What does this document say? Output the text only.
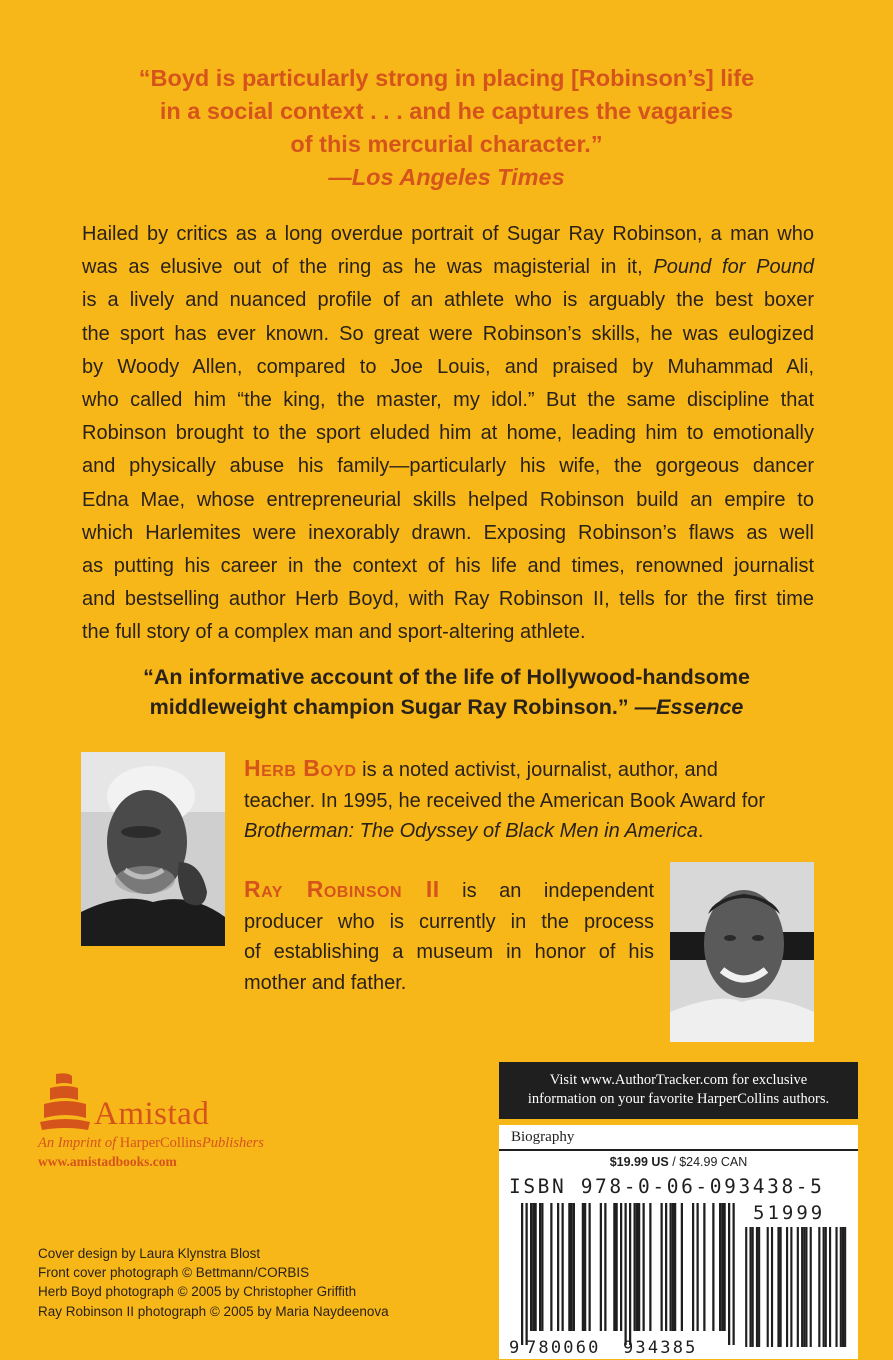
“Boyd is particularly strong in placing [Robinson’s] life
in a social context . . . and he captures the vagaries
of this mercurial character.”
—Los Angeles Times
Hailed by critics as a long overdue portrait of Sugar Ray Robinson, a man who
was as elusive out of the ring as he was magisterial in it, Pound for Pound
is a lively and nuanced profile of an athlete who is arguably the best boxer
the sport has ever known. So great were Robinson’s skills, he was eulogized
by Woody Allen, compared to Joe Louis, and praised by Muhammad Ali,
who called him “the king, the master, my idol.” But the same discipline that
Robinson brought to the sport eluded him at home, leading him to emotionally
and physically abuse his family—particularly his wife, the gorgeous dancer
Edna Mae, whose entrepreneurial skills helped Robinson build an empire to
which Harlemites were inexorably drawn. Exposing Robinson’s flaws as well
as putting his career in the context of his life and times, renowned journalist
and bestselling author Herb Boyd, with Ray Robinson II, tells for the first time
the full story of a complex man and sport-altering athlete.
“An informative account of the life of Hollywood-handsome
middleweight champion Sugar Ray Robinson.” —Essence
Herb Boyd is a noted activist, journalist, author, and
teacher. In 1995, he received the American Book Award for
Brotherman: The Odyssey of Black Men in America.
Ray Robinson II is an independent
producer who is currently in the process
of establishing a museum in honor of his
mother and father.
Amistad
An Imprint of HarperCollinsPublishers
www.amistadbooks.com
Cover design by Laura Klynstra Blost
Front cover photograph © Bettmann/CORBIS
Herb Boyd photograph © 2005 by Christopher Griffith
Ray Robinson II photograph © 2005 by Maria Naydeenova
Visit www.AuthorTracker.com for exclusive
information on your favorite HarperCollins authors.
Biography
$19.99 US / $24.99 CAN
ISBN 978-0-06-093438-5
51999
9 780060 934385
